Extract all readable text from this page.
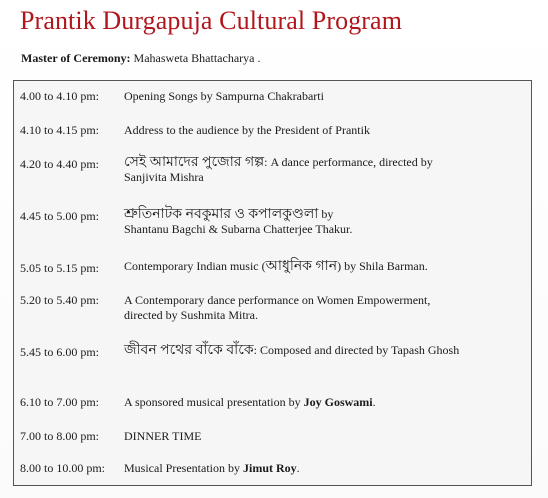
Prantik Durgapuja Cultural Program
Master of Ceremony: Mahasweta Bhattacharya .
4.00 to 4.10 pm: Opening Songs by Sampurna Chakrabarti
4.10 to 4.15 pm: Address to the audience by the President of Prantik
4.20 to 4.40 pm: সেই আমাদের পুজোর গল্প: A dance performance, directed by
Sanjivita Mishra
4.45 to 5.00 pm: শ্রুতিনাটক নবকুমার ও কপালকুণ্ডলা by
Shantanu Bagchi & Subarna Chatterjee Thakur.
5.05 to 5.15 pm: Contemporary Indian music (আধুনিক গান) by Shila Barman.
5.20 to 5.40 pm: A Contemporary dance performance on Women Empowerment,
directed by Sushmita Mitra.
5.45 to 6.00 pm: জীবন পথের বাঁকে বাঁকে: Composed and directed by Tapash Ghosh
6.10 to 7.00 pm: A sponsored musical presentation by Joy Goswami.
7.00 to 8.00 pm: DINNER TIME
8.00 to 10.00 pm: Musical Presentation by Jimut Roy.
